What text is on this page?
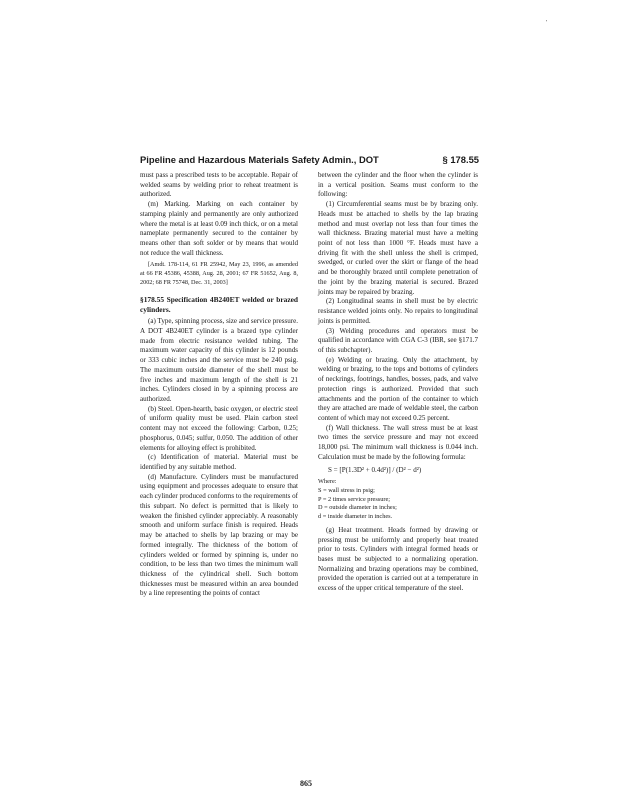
'
Pipeline and Hazardous Materials Safety Admin., DOT	§ 178.55

must pass a prescribed tests to be acceptable. Repair of welded seams by welding prior to reheat treatment is authorized.

(m) Marking. Marking on each container by stamping plainly and permanently are only authorized where the metal is at least 0.09 inch thick, or on a metal nameplate permanently secured to the container by means other than soft solder or by means that would not reduce the wall thickness.

[Amdt. 178-114, 61 FR 25942, May 23, 1996, as amended at 66 FR 45386, 45388, Aug. 28, 2001; 67 FR 51652, Aug. 8, 2002; 68 FR 75748, Dec. 31, 2003]

§178.55 Specification 4B240ET welded or brazed cylinders.

(a) Type, spinning process, size and service pressure. A DOT 4B240ET cylinder is a brazed type cylinder made from electric resistance welded tubing. The maximum water capacity of this cylinder is 12 pounds or 333 cubic inches and the service must be 240 psig. The maximum outside diameter of the shell must be five inches and maximum length of the shell is 21 inches. Cylinders closed in by a spinning process are authorized.

(b) Steel. Open-hearth, basic oxygen, or electric steel of uniform quality must be used. Plain carbon steel content may not exceed the following: Carbon, 0.25; phosphorus, 0.045; sulfur, 0.050. The addition of other elements for alloying effect is prohibited.

(c) Identification of material. Material must be identified by any suitable method.

(d) Manufacture. Cylinders must be manufactured using equipment and processes adequate to ensure that each cylinder produced conforms to the requirements of this subpart. No defect is permitted that is likely to weaken the finished cylinder appreciably. A reasonably smooth and uniform surface finish is required. Heads may be attached to shells by lap brazing or may be formed integrally. The thickness of the bottom of cylinders welded or formed by spinning is, under no condition, to be less than two times the minimum wall thickness of the cylindrical shell. Such bottom thicknesses must be measured within an area bounded by a line representing the points of contact

between the cylinder and the floor when the cylinder is in a vertical position. Seams must conform to the following:

(1) Circumferential seams must be by brazing only. Heads must be attached to shells by the lap brazing method and must overlap not less than four times the wall thickness. Brazing material must have a melting point of not less than 1000 °F. Heads must have a driving fit with the shell unless the shell is crimped, swedged, or curled over the skirt or flange of the head and be thoroughly brazed until complete penetration of the joint by the brazing material is secured. Brazed joints may be repaired by brazing.

(2) Longitudinal seams in shell must be by electric resistance welded joints only. No repairs to longitudinal joints is permitted.

(3) Welding procedures and operators must be qualified in accordance with CGA C-3 (IBR, see §171.7 of this subchapter).

(e) Welding or brazing. Only the attachment, by welding or brazing, to the tops and bottoms of cylinders of neckrings, footrings, handles, bosses, pads, and valve protection rings is authorized. Provided that such attachments and the portion of the container to which they are attached are made of weldable steel, the carbon content of which may not exceed 0.25 percent.

(f) Wall thickness. The wall stress must be at least two times the service pressure and may not exceed 18,000 psi. The minimum wall thickness is 0.044 inch. Calculation must be made by the following formula:

S = [P(1.3D² + 0.4d²)] / (D² − d²)

Where:

S = wall stress in psig;

P = 2 times service pressure;

D = outside diameter in inches;

d = inside diameter in inches.

(g) Heat treatment. Heads formed by drawing or pressing must be uniformly and properly heat treated prior to tests. Cylinders with integral formed heads or bases must be subjected to a normalizing operation. Normalizing and brazing operations may be combined, provided the operation is carried out at a temperature in excess of the upper critical temperature of the steel.

865
